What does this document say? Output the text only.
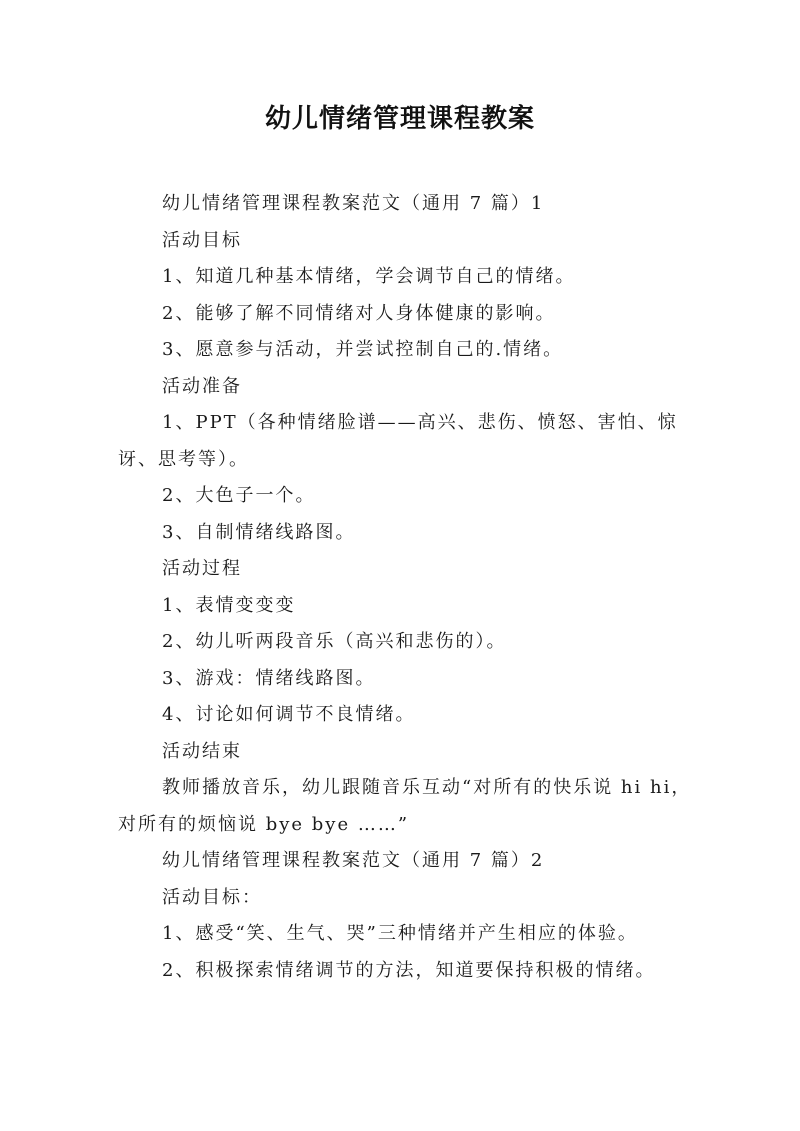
幼儿情绪管理课程教案

幼儿情绪管理课程教案范文（通用 7 篇）1

活动目标

1、知道几种基本情绪，学会调节自己的情绪。

2、能够了解不同情绪对人身体健康的影响。

3、愿意参与活动，并尝试控制自己的.情绪。

活动准备

1、PPT（各种情绪脸谱——高兴、悲伤、愤怒、害怕、惊讶、思考等）。

2、大色子一个。

3、自制情绪线路图。

活动过程

1、表情变变变

2、幼儿听两段音乐（高兴和悲伤的）。

3、游戏：情绪线路图。

4、讨论如何调节不良情绪。

活动结束

教师播放音乐，幼儿跟随音乐互动“对所有的快乐说 hi hi，对所有的烦恼说 bye bye ……”

幼儿情绪管理课程教案范文（通用 7 篇）2

活动目标：

1、感受“笑、生气、哭”三种情绪并产生相应的体验。

2、积极探索情绪调节的方法，知道要保持积极的情绪。
